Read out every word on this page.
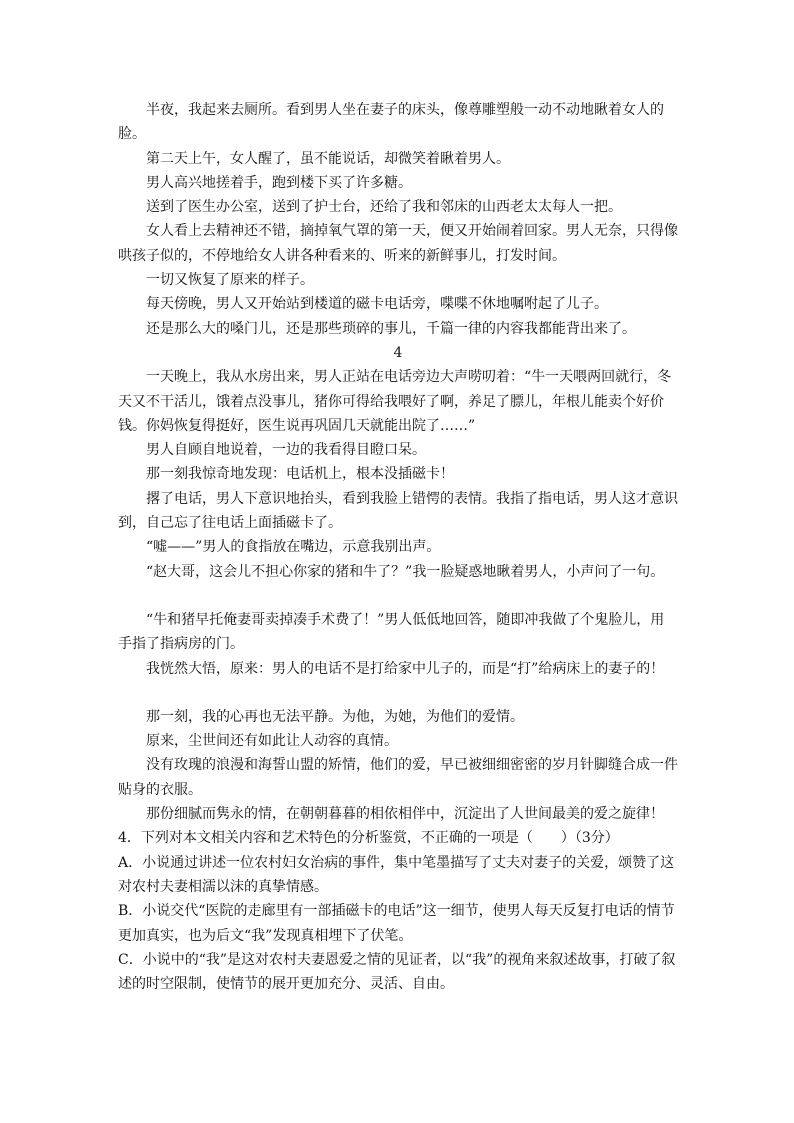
半夜，我起来去厕所。看到男人坐在妻子的床头，像尊雕塑般一动不动地瞅着女人的脸。

第二天上午，女人醒了，虽不能说话，却微笑着瞅着男人。

男人高兴地搓着手，跑到楼下买了许多糖。

送到了医生办公室，送到了护士台，还给了我和邻床的山西老太太每人一把。

女人看上去精神还不错，摘掉氧气罩的第一天，便又开始闹着回家。男人无奈，只得像哄孩子似的，不停地给女人讲各种看来的、听来的新鲜事儿，打发时间。

一切又恢复了原来的样子。

每天傍晚，男人又开始站到楼道的磁卡电话旁，喋喋不休地嘱咐起了儿子。

还是那么大的嗓门儿，还是那些琐碎的事儿，千篇一律的内容我都能背出来了。

4

一天晚上，我从水房出来，男人正站在电话旁边大声唠叨着：“牛一天喂两回就行，冬天又不干活儿，饿着点没事儿，猪你可得给我喂好了啊，养足了膘儿，年根儿能卖个好价钱。你妈恢复得挺好，医生说再巩固几天就能出院了……”

男人自顾自地说着，一边的我看得目瞪口呆。

那一刻我惊奇地发现：电话机上，根本没插磁卡！

撂了电话，男人下意识地抬头，看到我脸上错愕的表情。我指了指电话，男人这才意识到，自己忘了往电话上面插磁卡了。

“嘘——”男人的食指放在嘴边，示意我别出声。

“赵大哥，这会儿不担心你家的猪和牛了？”我一脸疑惑地瞅着男人，小声问了一句。

“牛和猪早托俺妻哥卖掉凑手术费了！”男人低低地回答，随即冲我做了个鬼脸儿，用手指了指病房的门。

我恍然大悟，原来：男人的电话不是打给家中儿子的，而是“打”给病床上的妻子的！

那一刻，我的心再也无法平静。为他，为她，为他们的爱情。

原来，尘世间还有如此让人动容的真情。

没有玫瑰的浪漫和海誓山盟的矫情，他们的爱，早已被细细密密的岁月针脚缝合成一件贴身的衣服。

那份细腻而隽永的情，在朝朝暮暮的相依相伴中，沉淀出了人世间最美的爱之旋律！

4．下列对本文相关内容和艺术特色的分析鉴赏，不正确的一项是（　　）（3分）

A．小说通过讲述一位农村妇女治病的事件，集中笔墨描写了丈夫对妻子的关爱，颂赞了这对农村夫妻相濡以沫的真挚情感。

B．小说交代“医院的走廊里有一部插磁卡的电话”这一细节，使男人每天反复打电话的情节更加真实，也为后文“我”发现真相埋下了伏笔。

C．小说中的“我”是这对农村夫妻恩爱之情的见证者，以“我”的视角来叙述故事，打破了叙述的时空限制，使情节的展开更加充分、灵活、自由。
